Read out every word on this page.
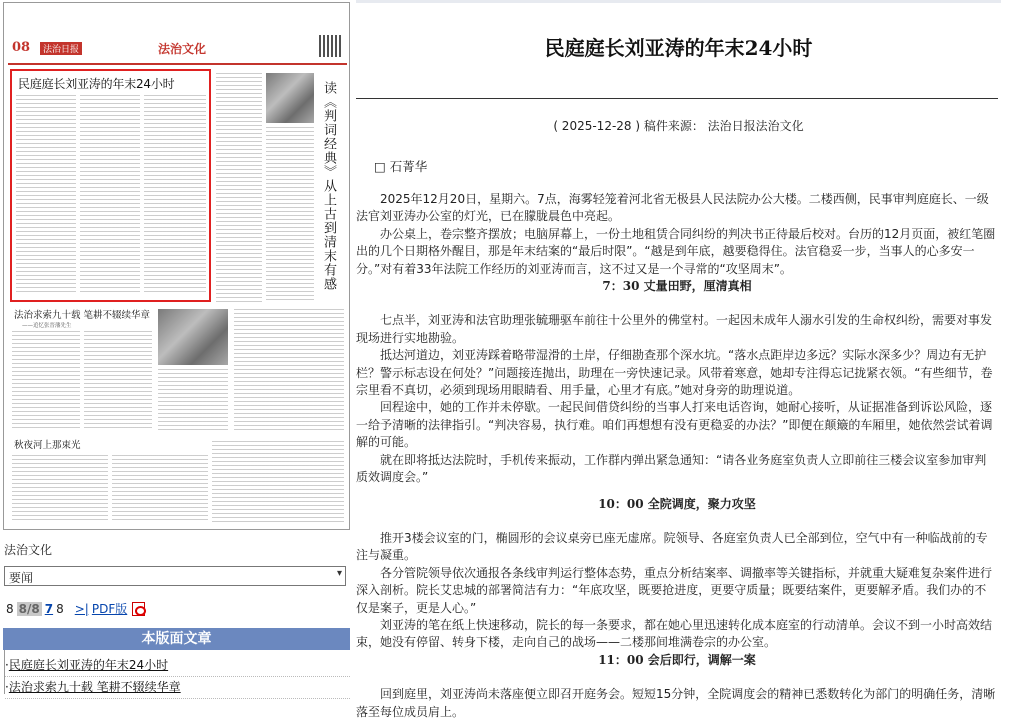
08	法治日报	法治文化
民庭庭长刘亚涛的年末24小时	读《判词经典》从上古到清末有感
法治求索九十载 笔耕不辍续华章
——追忆张晋藩先生
秋夜河上那束光
法治文化
要闻	▾
8 8/8 7 8 >| PDF版
本版面文章
·民庭庭长刘亚涛的年末24小时
·法治求索九十载 笔耕不辍续华章
民庭庭长刘亚涛的年末24小时
( 2025-12-28 ) 稿件来源： 法治日报法治文化
□ 石菁华

2025年12月20日，星期六。7点，海雾轻笼着河北省无极县人民法院办公大楼。二楼西侧，民事审判庭庭长、一级法官刘亚涛办公室的灯光，已在朦胧晨色中亮起。

办公桌上，卷宗整齐摆放；电脑屏幕上，一份土地租赁合同纠纷的判决书正待最后校对。台历的12月页面，被红笔圈出的几个日期格外醒目，那是年末结案的“最后时限”。“越是到年底，越要稳得住。法官稳妥一步，当事人的心多安一分。”对有着33年法院工作经历的刘亚涛而言，这不过又是一个寻常的“攻坚周末”。

7：30 丈量田野，厘清真相

七点半，刘亚涛和法官助理张毓珊驱车前往十公里外的佛堂村。一起因未成年人溺水引发的生命权纠纷，需要对事发现场进行实地勘验。

抵达河道边，刘亚涛踩着略带湿滑的土岸，仔细勘查那个深水坑。“落水点距岸边多远？实际水深多少？周边有无护栏？警示标志设在何处？”问题接连抛出，助理在一旁快速记录。风带着寒意，她却专注得忘记拢紧衣领。“有些细节，卷宗里看不真切，必须到现场用眼睛看、用手量，心里才有底。”她对身旁的助理说道。

回程途中，她的工作并未停歇。一起民间借贷纠纷的当事人打来电话咨询，她耐心接听，从证据准备到诉讼风险，逐一给予清晰的法律指引。“判决容易，执行难。咱们再想想有没有更稳妥的办法？”即便在颠簸的车厢里，她依然尝试着调解的可能。

就在即将抵达法院时，手机传来振动，工作群内弹出紧急通知：“请各业务庭室负责人立即前往三楼会议室参加审判质效调度会。”

10：00 全院调度，聚力攻坚

推开3楼会议室的门，椭圆形的会议桌旁已座无虚席。院领导、各庭室负责人已全部到位，空气中有一种临战前的专注与凝重。

各分管院领导依次通报各条线审判运行整体态势，重点分析结案率、调撤率等关键指标，并就重大疑难复杂案件进行深入剖析。院长艾忠城的部署简洁有力：“年底攻坚，既要抢进度，更要守质量；既要结案件，更要解矛盾。我们办的不仅是案子，更是人心。”

刘亚涛的笔在纸上快速移动，院长的每一条要求，都在她心里迅速转化成本庭室的行动清单。会议不到一小时高效结束，她没有停留、转身下楼，走向自己的战场——二楼那间堆满卷宗的办公室。

11：00 会后即行，调解一案

回到庭里，刘亚涛尚未落座便立即召开庭务会。短短15分钟，全院调度会的精神已悉数转化为部门的明确任务，清晰落至每位成员肩上。
